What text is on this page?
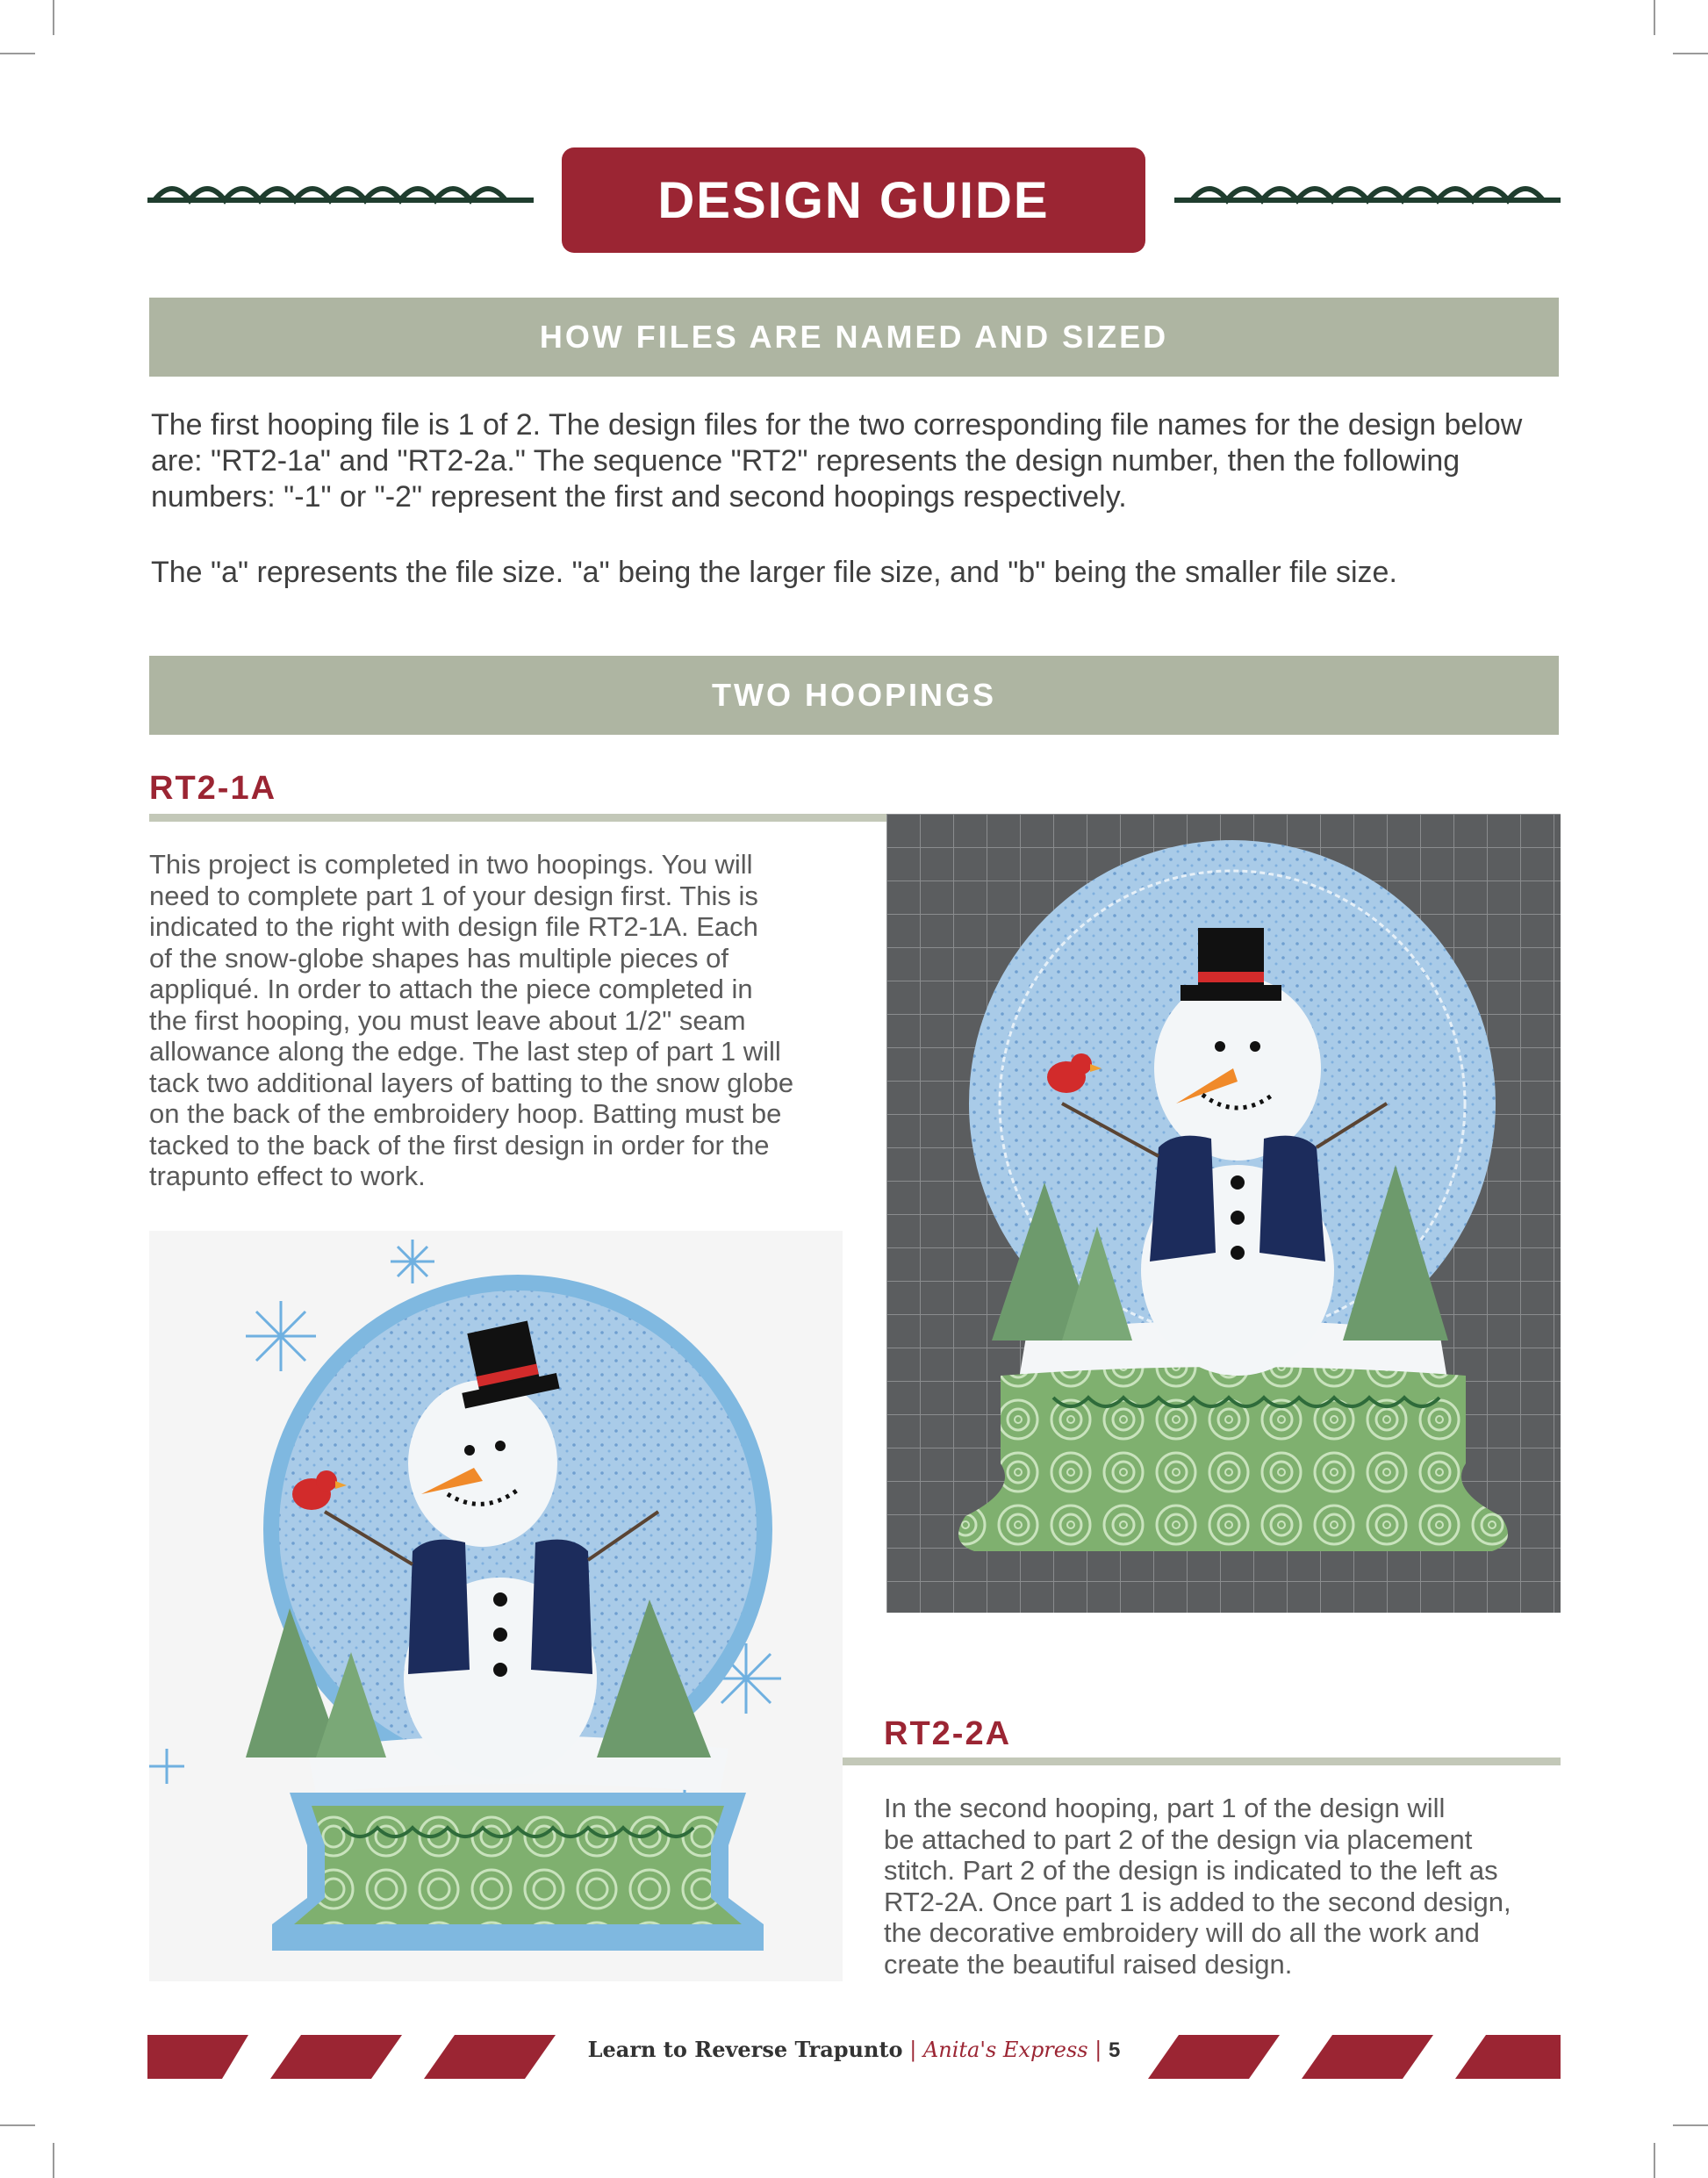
DESIGN GUIDE
HOW FILES ARE NAMED AND SIZED
The first hooping file is 1 of 2. The design files for the two corresponding file names for the design below
are: "RT2-1a" and "RT2-2a." The sequence "RT2" represents the design number, then the following
numbers: "-1" or "-2" represent the first and second hoopings respectively.
The "a" represents the file size. "a" being the larger file size, and "b" being the smaller file size.
TWO HOOPINGS
RT2-1A
This project is completed in two hoopings. You will
need to complete part 1 of your design first. This is
indicated to the right with design file RT2-1A. Each
of the snow-globe shapes has multiple pieces of
appliqué. In order to attach the piece completed in
the first hooping, you must leave about 1/2" seam
allowance along the edge. The last step of part 1 will
tack two additional layers of batting to the snow globe
on the back of the embroidery hoop. Batting must be
tacked to the back of the first design in order for the
trapunto effect to work.
RT2-2A
In the second hooping, part 1 of the design will
be attached to part 2 of the design via placement
stitch. Part 2 of the design is indicated to the left as
RT2-2A. Once part 1 is added to the second design,
the decorative embroidery will do all the work and
create the beautiful raised design.
Learn to Reverse Trapunto | Anita's Express | 5
